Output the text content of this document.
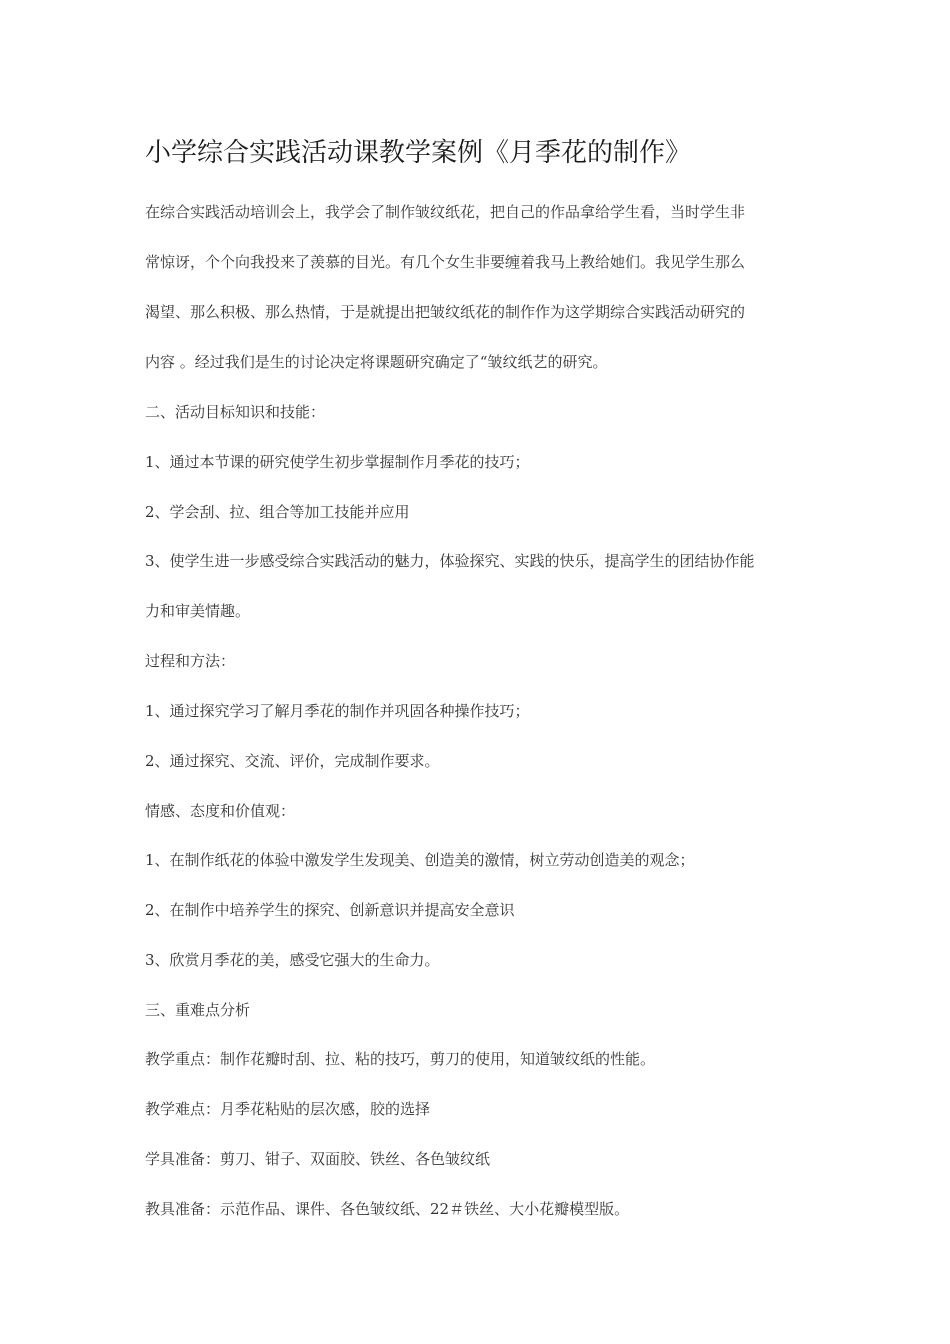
小学综合实践活动课教学案例《月季花的制作》
在综合实践活动培训会上，我学会了制作皱纹纸花，把自己的作品拿给学生看，当时学生非
常惊讶，个个向我投来了羡慕的目光。有几个女生非要缠着我马上教给她们。我见学生那么
渴望、那么积极、那么热情，于是就提出把皱纹纸花的制作作为这学期综合实践活动研究的
内容 。经过我们是生的讨论决定将课题研究确定了“皱纹纸艺的研究。
二、活动目标知识和技能：
1、通过本节课的研究使学生初步掌握制作月季花的技巧；
2、学会刮、拉、组合等加工技能并应用
3、使学生进一步感受综合实践活动的魅力，体验探究、实践的快乐，提高学生的团结协作能
力和审美情趣。
过程和方法：
1、通过探究学习了解月季花的制作并巩固各种操作技巧；
2、通过探究、交流、评价，完成制作要求。
情感、态度和价值观：
1、在制作纸花的体验中激发学生发现美、创造美的激情，树立劳动创造美的观念；
2、在制作中培养学生的探究、创新意识并提高安全意识
3、欣赏月季花的美，感受它强大的生命力。
三、重难点分析
教学重点：制作花瓣时刮、拉、粘的技巧，剪刀的使用，知道皱纹纸的性能。
教学难点：月季花粘贴的层次感，胶的选择
学具准备：剪刀、钳子、双面胶、铁丝、各色皱纹纸
教具准备：示范作品、课件、各色皱纹纸、22＃铁丝、大小花瓣模型版。
